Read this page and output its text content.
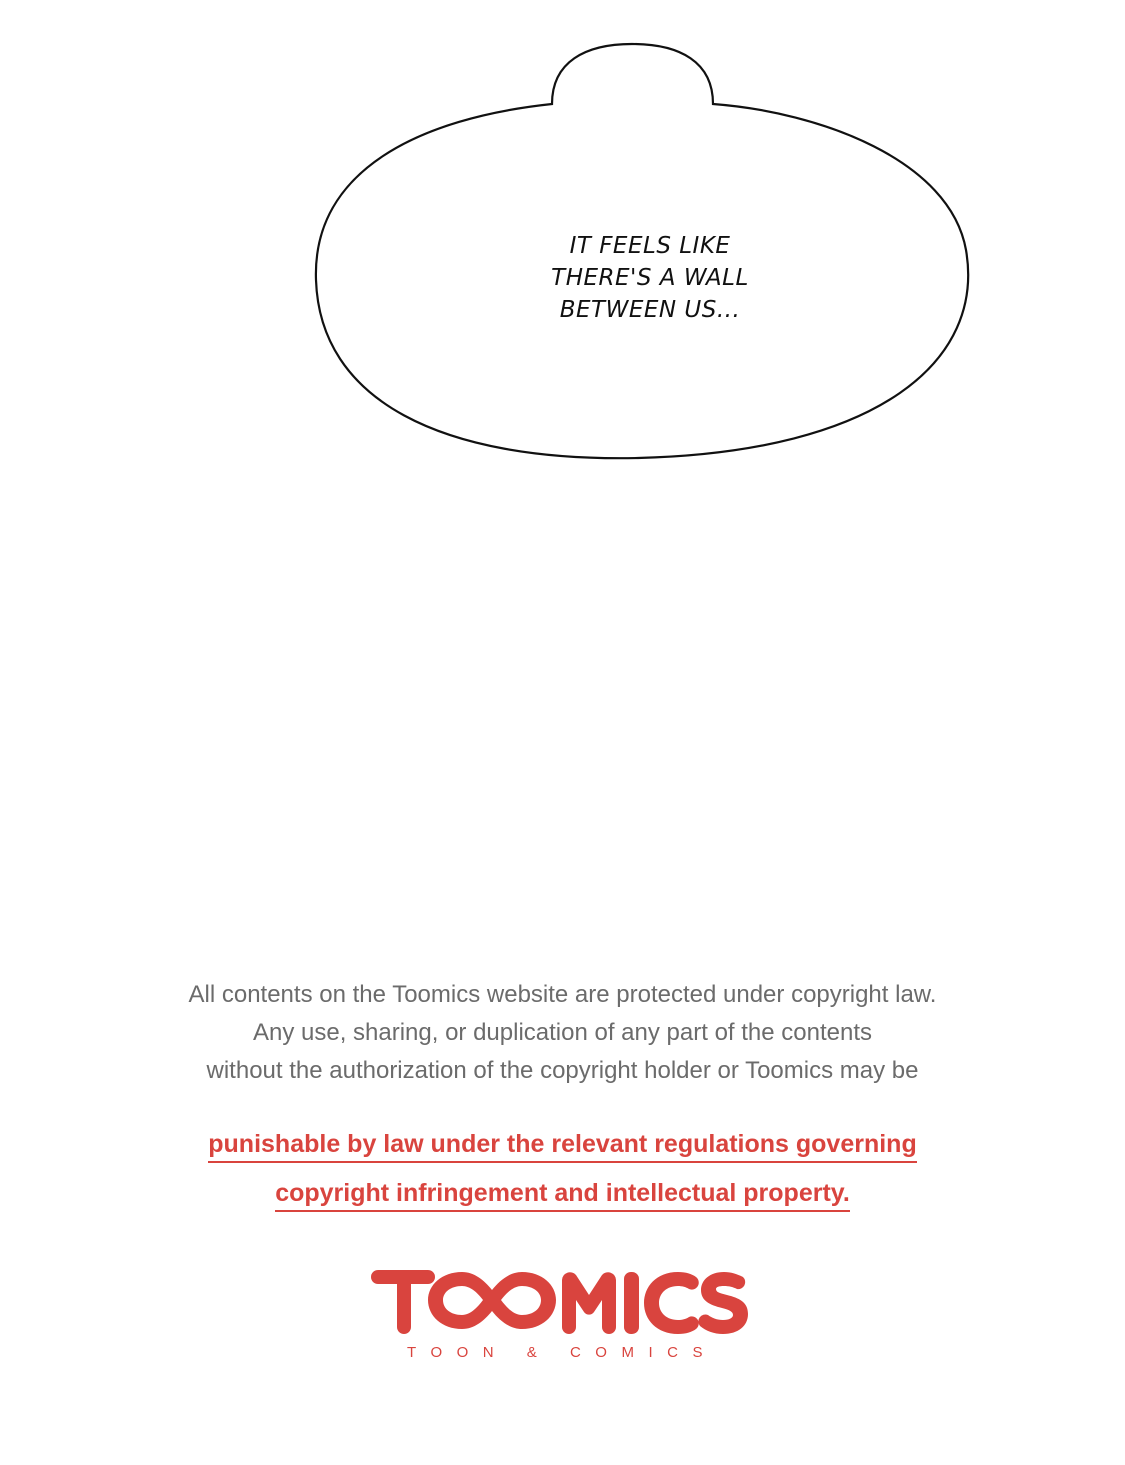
IT FEELS LIKE
THERE'S A WALL
BETWEEN US...
All contents on the Toomics website are protected under copyright law.
Any use, sharing, or duplication of any part of the contents
without the authorization of the copyright holder or Toomics may be
punishable by law under the relevant regulations governing
copyright infringement and intellectual property.
TOON & COMICS
